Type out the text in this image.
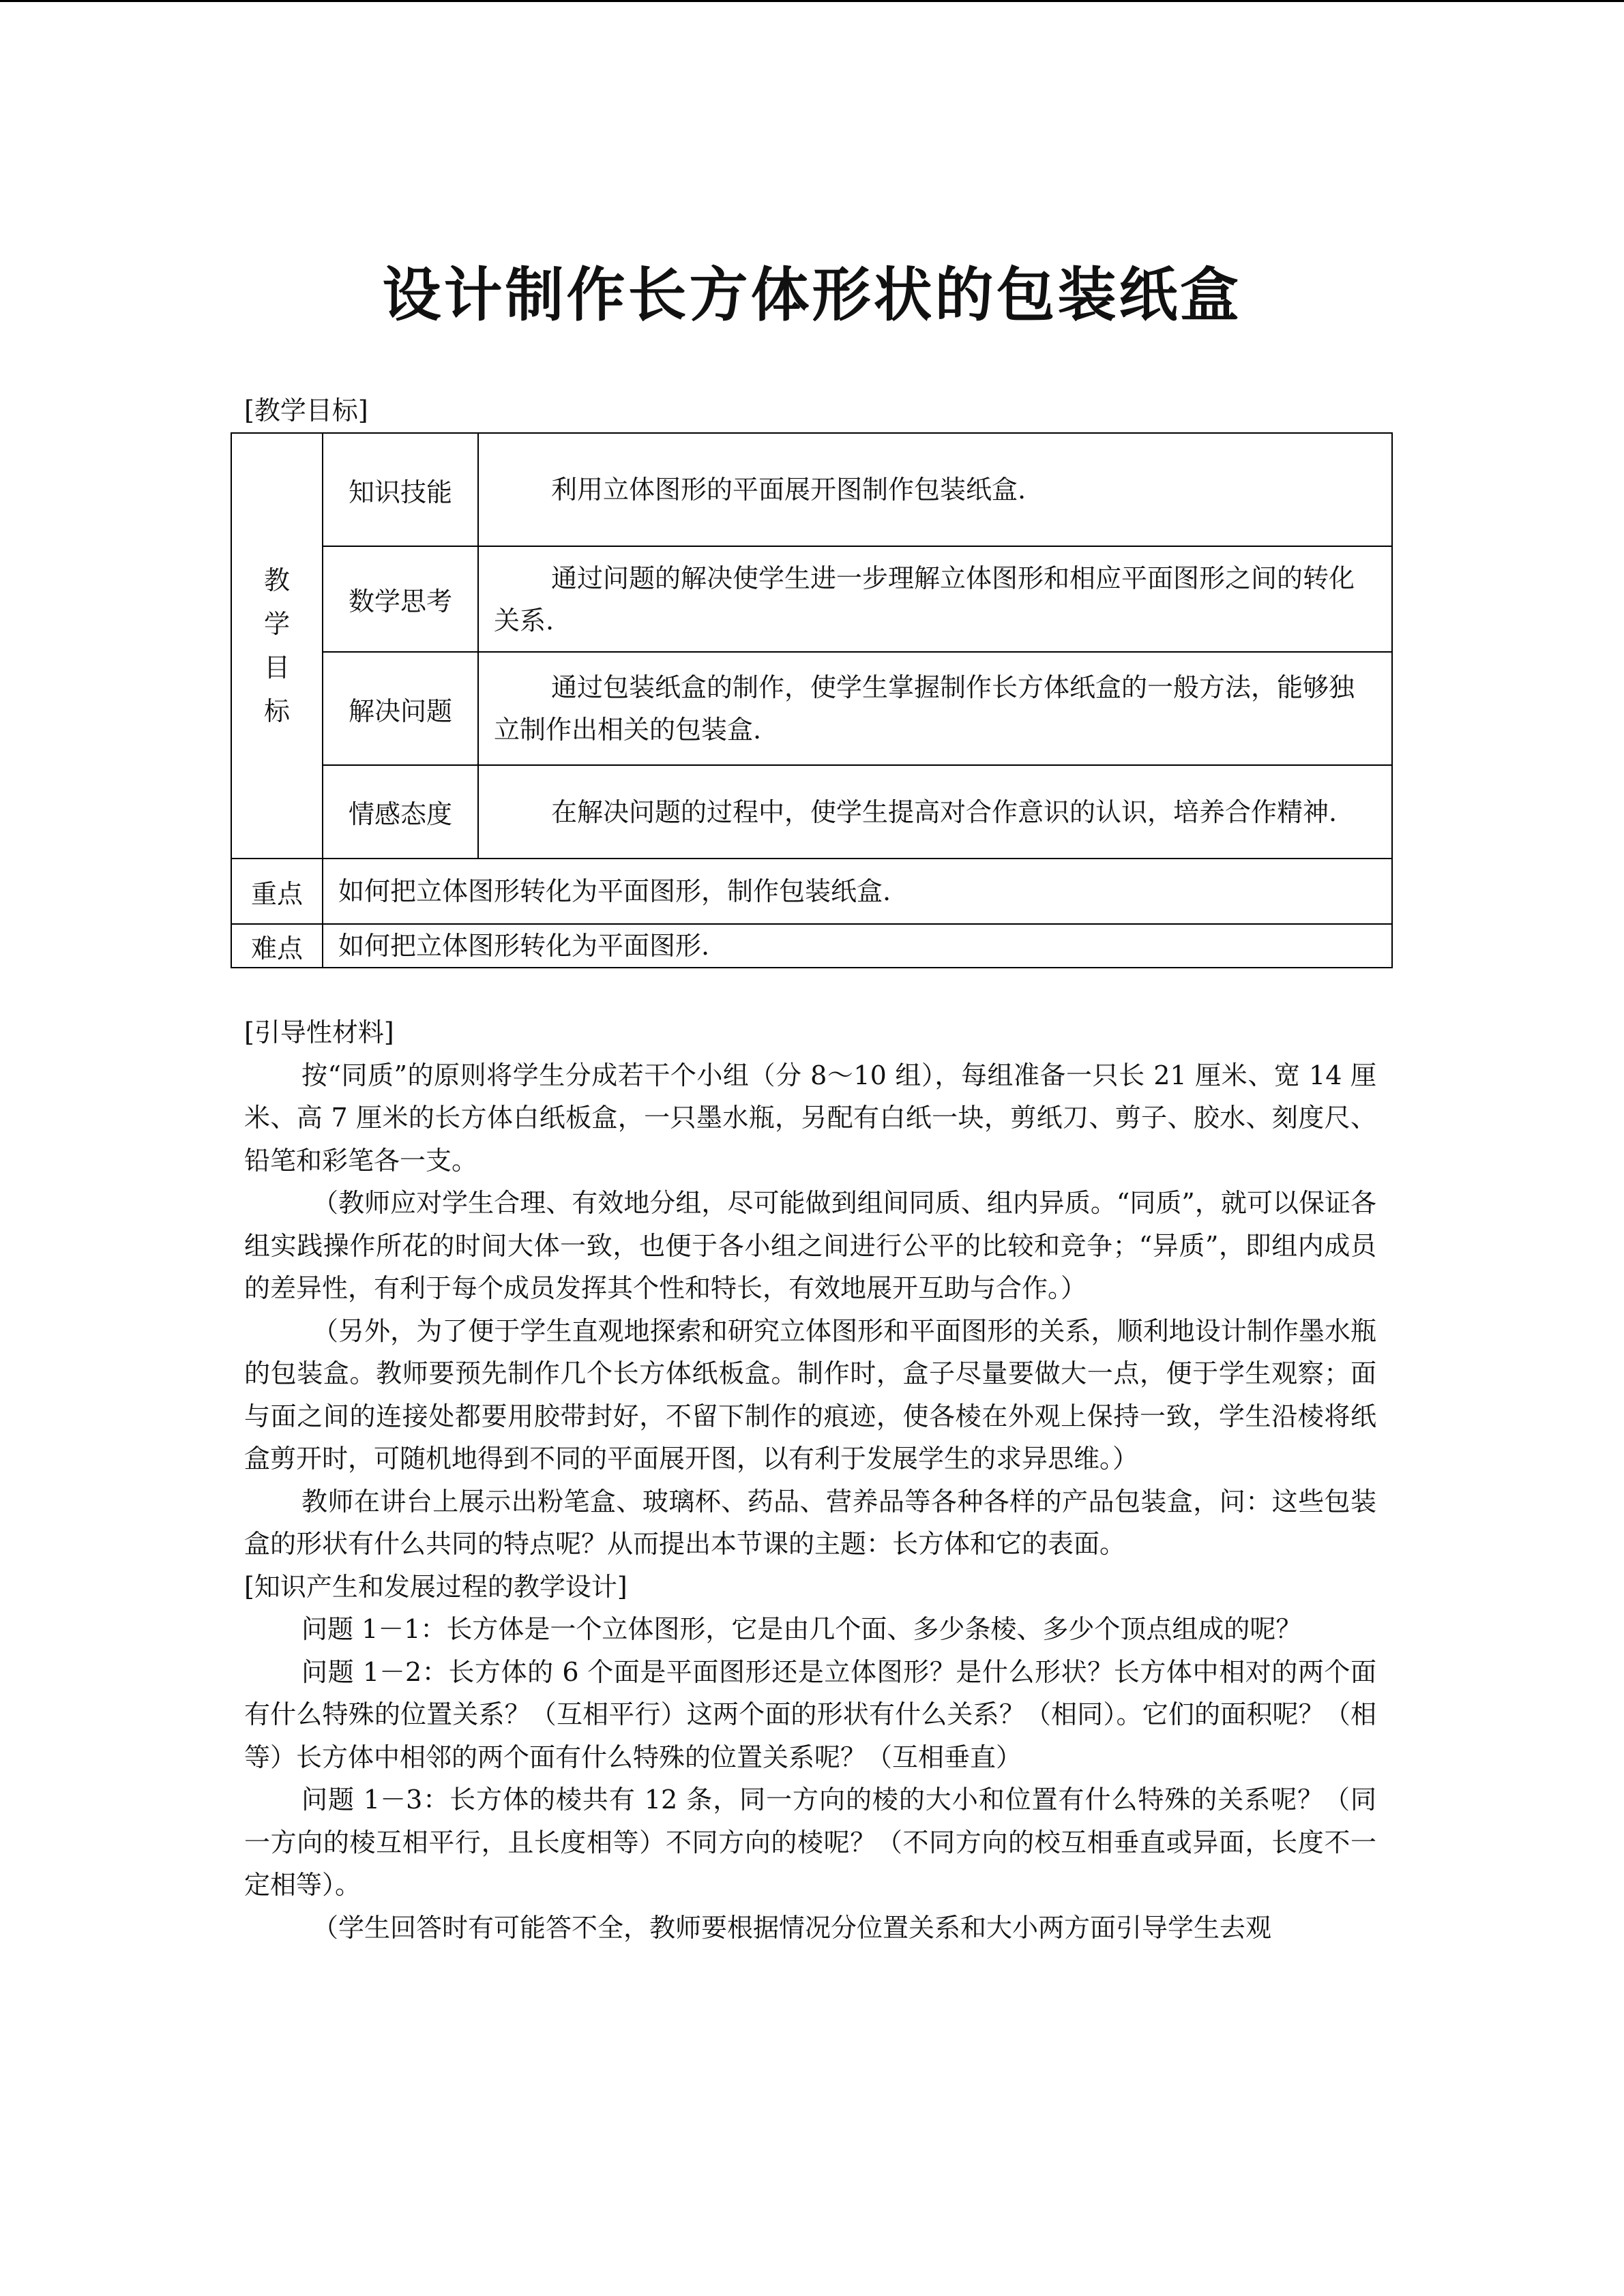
设计制作长方体形状的包装纸盒
[教学目标]
教
学
目
标	知识技能	利用立体图形的平面展开图制作包装纸盒.
	数学思考	通过问题的解决使学生进一步理解立体图形和相应平面图形之间的转化关系.
	解决问题	通过包装纸盒的制作，使学生掌握制作长方体纸盒的一般方法，能够独立制作出相关的包装盒.
	情感态度	在解决问题的过程中，使学生提高对合作意识的认识，培养合作精神.
重点	如何把立体图形转化为平面图形，制作包装纸盒.	
难点	如何把立体图形转化为平面图形.	

[引导性材料]

按“同质”的原则将学生分成若干个小组（分 8～10 组），每组准备一只长 21 厘米、宽 14 厘米、高 7 厘米的长方体白纸板盒，一只墨水瓶，另配有白纸一块，剪纸刀、剪子、胶水、刻度尺、铅笔和彩笔各一支。

（教师应对学生合理、有效地分组，尽可能做到组间同质、组内异质。“同质”，就可以保证各组实践操作所花的时间大体一致，也便于各小组之间进行公平的比较和竞争；“异质”，即组内成员的差异性，有利于每个成员发挥其个性和特长，有效地展开互助与合作。）

（另外，为了便于学生直观地探索和研究立体图形和平面图形的关系，顺利地设计制作墨水瓶的包装盒。教师要预先制作几个长方体纸板盒。制作时，盒子尽量要做大一点，便于学生观察；面与面之间的连接处都要用胶带封好，不留下制作的痕迹，使各棱在外观上保持一致，学生沿棱将纸盒剪开时，可随机地得到不同的平面展开图，以有利于发展学生的求异思维。）

教师在讲台上展示出粉笔盒、玻璃杯、药品、营养品等各种各样的产品包装盒，问：这些包装盒的形状有什么共同的特点呢？从而提出本节课的主题：长方体和它的表面。

[知识产生和发展过程的教学设计]

问题 1－1：长方体是一个立体图形，它是由几个面、多少条棱、多少个顶点组成的呢？

问题 1－2：长方体的 6 个面是平面图形还是立体图形？是什么形状？长方体中相对的两个面有什么特殊的位置关系？（互相平行）这两个面的形状有什么关系？（相同）。它们的面积呢？（相等）长方体中相邻的两个面有什么特殊的位置关系呢？（互相垂直）

问题 1－3：长方体的棱共有 12 条，同一方向的棱的大小和位置有什么特殊的关系呢？（同一方向的棱互相平行，且长度相等）不同方向的棱呢？（不同方向的校互相垂直或异面，长度不一定相等）。

（学生回答时有可能答不全，教师要根据情况分位置关系和大小两方面引导学生去观
